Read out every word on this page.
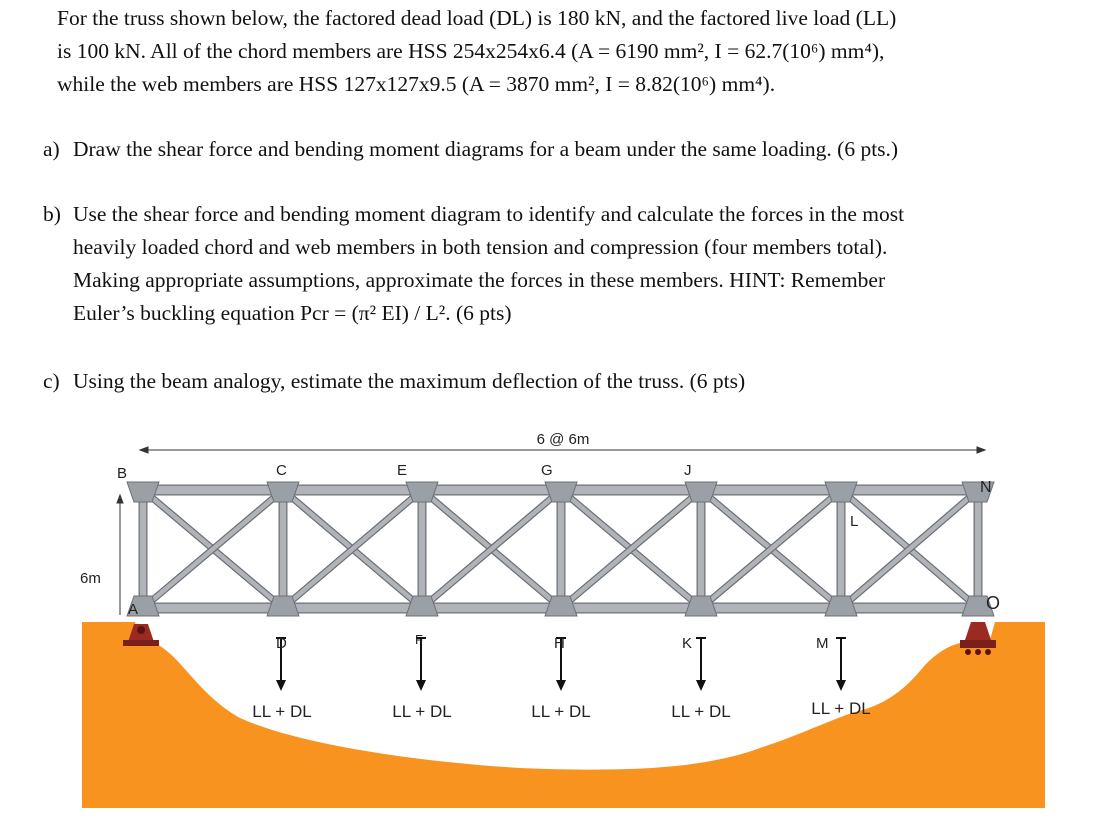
For the truss shown below, the factored dead load (DL) is 180 kN, and the factored live load (LL)
is 100 kN. All of the chord members are HSS 254x254x6.4 (A = 6190 mm², I = 62.7(10⁶) mm⁴),
while the web members are HSS 127x127x9.5 (A = 3870 mm², I = 8.82(10⁶) mm⁴).
a) Draw the shear force and bending moment diagrams for a beam under the same loading. (6 pts.)
b) Use the shear force and bending moment diagram to identify and calculate the forces in the most
heavily loaded chord and web members in both tension and compression (four members total).
Making appropriate assumptions, approximate the forces in these members. HINT: Remember
Euler’s buckling equation Pcr = (π² EI) / L². (6 pts)
c) Using the beam analogy, estimate the maximum deflection of the truss. (6 pts)
6 @ 6m
6m
B	C	E	G	J
N
A
D	F	H	K	M
O
L
LL + DL	LL + DL	LL + DL	LL + DL	LL + DL
